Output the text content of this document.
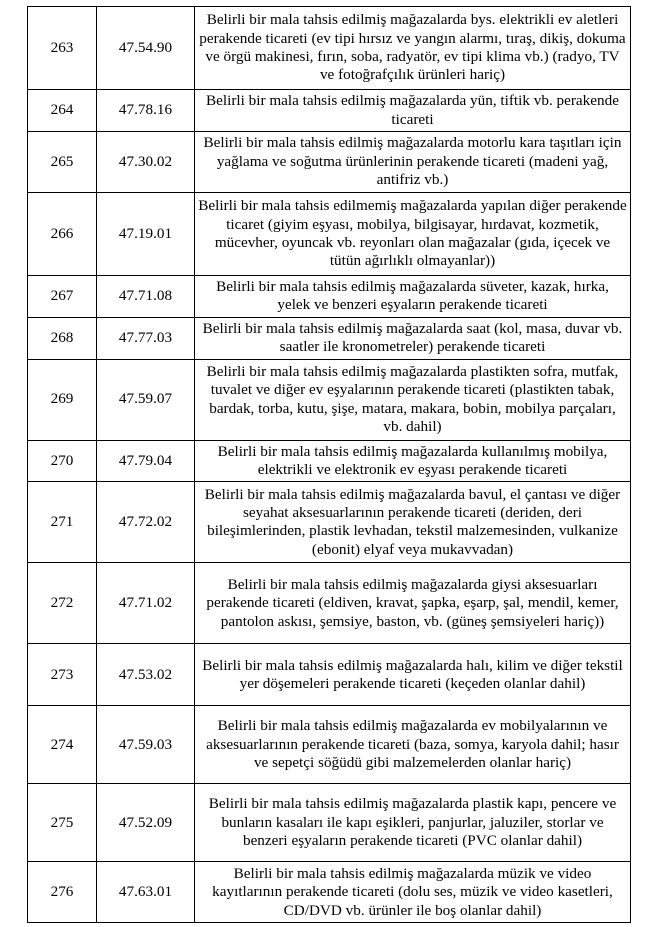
263	47.54.90	Belirli bir mala tahsis edilmiş mağazalarda bys. elektrikli ev aletleri perakende ticareti (ev tipi hırsız ve yangın alarmı, tıraş, dikiş, dokuma ve örgü makinesi, fırın, soba, radyatör, ev tipi klima vb.) (radyo, TV ve fotoğrafçılık ürünleri hariç)
264	47.78.16	Belirli bir mala tahsis edilmiş mağazalarda yün, tiftik vb. perakende ticareti
265	47.30.02	Belirli bir mala tahsis edilmiş mağazalarda motorlu kara taşıtları için yağlama ve soğutma ürünlerinin perakende ticareti (madeni yağ, antifriz vb.)
266	47.19.01	Belirli bir mala tahsis edilmemiş mağazalarda yapılan diğer perakende ticaret (giyim eşyası, mobilya, bilgisayar, hırdavat, kozmetik, mücevher, oyuncak vb. reyonları olan mağazalar (gıda, içecek ve tütün ağırlıklı olmayanlar))
267	47.71.08	Belirli bir mala tahsis edilmiş mağazalarda süveter, kazak, hırka, yelek ve benzeri eşyaların perakende ticareti
268	47.77.03	Belirli bir mala tahsis edilmiş mağazalarda saat (kol, masa, duvar vb. saatler ile kronometreler) perakende ticareti
269	47.59.07	Belirli bir mala tahsis edilmiş mağazalarda plastikten sofra, mutfak, tuvalet ve diğer ev eşyalarının perakende ticareti (plastikten tabak, bardak, torba, kutu, şişe, matara, makara, bobin, mobilya parçaları, vb. dahil)
270	47.79.04	Belirli bir mala tahsis edilmiş mağazalarda kullanılmış mobilya, elektrikli ve elektronik ev eşyası perakende ticareti
271	47.72.02	Belirli bir mala tahsis edilmiş mağazalarda bavul, el çantası ve diğer seyahat aksesuarlarının perakende ticareti (deriden, deri bileşimlerinden, plastik levhadan, tekstil malzemesinden, vulkanize (ebonit) elyaf veya mukavvadan)
272	47.71.02	Belirli bir mala tahsis edilmiş mağazalarda giysi aksesuarları perakende ticareti (eldiven, kravat, şapka, eşarp, şal, mendil, kemer, pantolon askısı, şemsiye, baston, vb. (güneş şemsiyeleri hariç))
273	47.53.02	Belirli bir mala tahsis edilmiş mağazalarda halı, kilim ve diğer tekstil yer döşemeleri perakende ticareti (keçeden olanlar dahil)
274	47.59.03	Belirli bir mala tahsis edilmiş mağazalarda ev mobilyalarının ve aksesuarlarının perakende ticareti (baza, somya, karyola dahil; hasır ve sepetçi söğüdü gibi malzemelerden olanlar hariç)
275	47.52.09	Belirli bir mala tahsis edilmiş mağazalarda plastik kapı, pencere ve bunların kasaları ile kapı eşikleri, panjurlar, jaluziler, storlar ve benzeri eşyaların perakende ticareti (PVC olanlar dahil)
276	47.63.01	Belirli bir mala tahsis edilmiş mağazalarda müzik ve video kayıtlarının perakende ticareti (dolu ses, müzik ve video kasetleri, CD/DVD vb. ürünler ile boş olanlar dahil)
